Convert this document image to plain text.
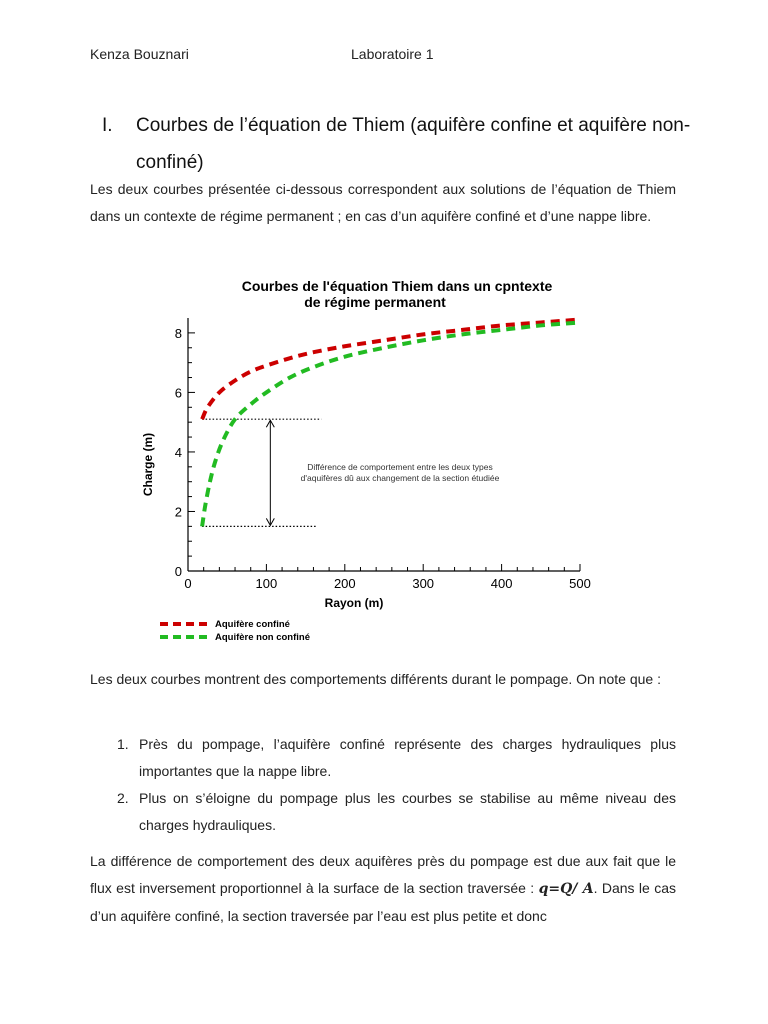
Kenza Bouznari	Laboratoire 1
I. Courbes de l’équation de Thiem (aquifère confine et aquifère non-confiné)

Les deux courbes présentée ci-dessous correspondent aux solutions de l’équation de Thiem dans un contexte de régime permanent ; en cas d’un aquifère confiné et d’une nappe libre.

Courbes de l'équation Thiem dans un cpntexte
de régime permanent
0	100	200	300	400	500
0
2
4
6
8
Rayon (m)
Charge (m)	Différence de comportement entre les deux types
d'aquifères dû aux changement de la section étudiée
Aquifère confiné
Aquifère non confiné

Les deux courbes montrent des comportements différents durant le pompage. On note que :

1. Près du pompage, l’aquifère confiné représente des charges hydrauliques plus importantes que la nappe libre.
2. Plus on s’éloigne du pompage plus les courbes se stabilise au même niveau des charges hydrauliques.

La différence de comportement des deux aquifères près du pompage est due aux fait que le flux est inversement proportionnel à la surface de la section traversée : q=Q/ A. Dans le cas d’un aquifère confiné, la section traversée par l’eau est plus petite et donc
